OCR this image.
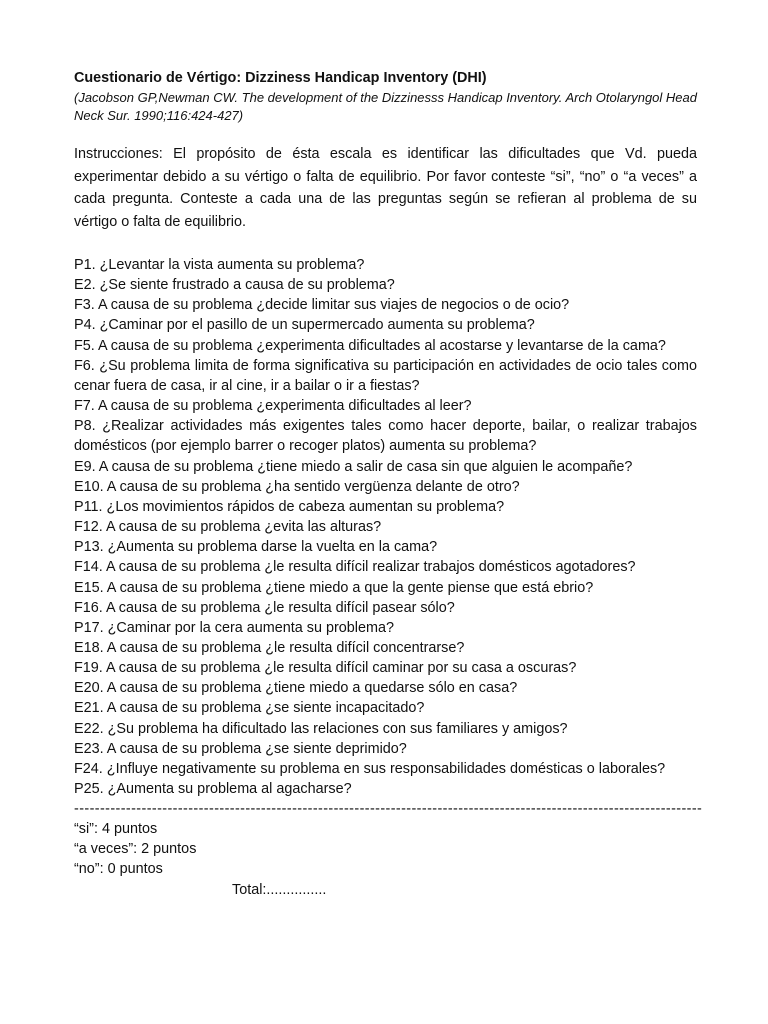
Cuestionario de Vértigo: Dizziness Handicap Inventory (DHI)

(Jacobson GP,Newman CW. The development of the Dizzinesss Handicap Inventory. Arch Otolaryngol Head Neck Sur. 1990;116:424-427)

Instrucciones: El propósito de ésta escala es identificar las dificultades que Vd. pueda experimentar debido a su vértigo o falta de equilibrio. Por favor conteste “si”, “no” o “a veces” a cada pregunta. Conteste a cada una de las preguntas según se refieran al problema de su vértigo o falta de equilibrio.

P1. ¿Levantar la vista aumenta su problema?
E2. ¿Se siente frustrado a causa de su problema?
F3. A causa de su problema ¿decide limitar sus viajes de negocios o de ocio?
P4. ¿Caminar por el pasillo de un supermercado aumenta su problema?
F5. A causa de su problema ¿experimenta dificultades al acostarse y levantarse de la cama?
F6. ¿Su problema limita de forma significativa su participación en actividades de ocio tales como cenar fuera de casa, ir al cine, ir a bailar o ir a fiestas?
F7. A causa de su problema ¿experimenta dificultades al leer?
P8. ¿Realizar actividades más exigentes tales como hacer deporte, bailar, o realizar trabajos domésticos (por ejemplo barrer o recoger platos) aumenta su problema?
E9. A causa de su problema ¿tiene miedo a salir de casa sin que alguien le acompañe?
E10. A causa de su problema ¿ha sentido vergüenza delante de otro?
P11. ¿Los movimientos rápidos de cabeza aumentan su problema?
F12. A causa de su problema ¿evita las alturas?
P13. ¿Aumenta su problema darse la vuelta en la cama?
F14. A causa de su problema ¿le resulta difícil realizar trabajos domésticos agotadores?
E15. A causa de su problema ¿tiene miedo a que la gente piense que está ebrio?
F16. A causa de su problema ¿le resulta difícil pasear sólo?
P17. ¿Caminar por la cera aumenta su problema?
E18. A causa de su problema ¿le resulta difícil concentrarse?
F19. A causa de su problema ¿le resulta difícil caminar por su casa a oscuras?
E20. A causa de su problema ¿tiene miedo a quedarse sólo en casa?
E21. A causa de su problema ¿se siente incapacitado?
E22. ¿Su problema ha dificultado las relaciones con sus familiares y amigos?
E23. A causa de su problema ¿se siente deprimido?
F24. ¿Influye negativamente su problema en sus responsabilidades domésticas o laborales?
P25. ¿Aumenta su problema al agacharse?
-------------------------------------------------------------------------------------------------------------------------
“si”: 4 puntos
“a veces”: 2 puntos
“no”: 0 puntos
Total:...............
